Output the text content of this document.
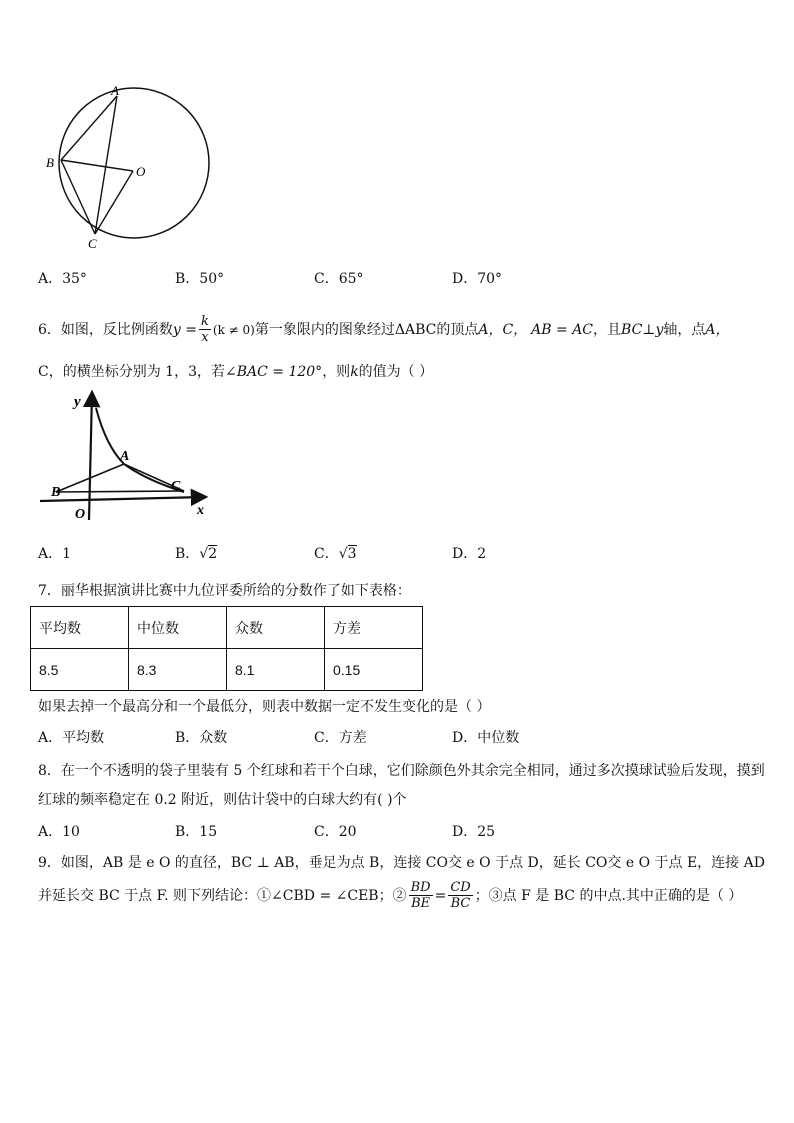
A
B
C
O
A．35°	B．50°	C．65°	D．70°
6．如图，反比例函数 $y = \frac{k}{x} (k \ne 0)$ 第一象限内的图象经过ΔABC的顶点 A，C， AB = AC ，且 BC⊥y 轴，点 A，
C，的横坐标分别为 1，3，若∠BAC = 120°，则k的值为（ ）
y
x
O
A
B	C
A．1	B．√2	C．√3	D．2
7．丽华根据演讲比赛中九位评委所给的分数作了如下表格：
平均数	中位数	众数	方差
8.5	8.3	8.1	0.15
如果去掉一个最高分和一个最低分，则表中数据一定不发生变化的是（ ）
A．平均数	B．众数	C．方差	D．中位数
8．在一个不透明的袋子里装有 5 个红球和若干个白球，它们除颜色外其余完全相同，通过多次摸球试验后发现，摸到
红球的频率稳定在 0.2 附近，则估计袋中的白球大约有( )个
A．10	B．15	C．20	D．25
9．如图，AB 是 e O 的直径，BC ⊥ AB，垂足为点 B，连接 CO交 e O 于点 D，延长 CO交 e O 于点 E，连接 AD
并延长交 BC 于点 F. 则下列结论：①∠CBD = ∠CEB；② $\frac{BD}{BE} = \frac{CD}{BC}$ ；③点 F 是 BC 的中点.其中正确的是（ ）
